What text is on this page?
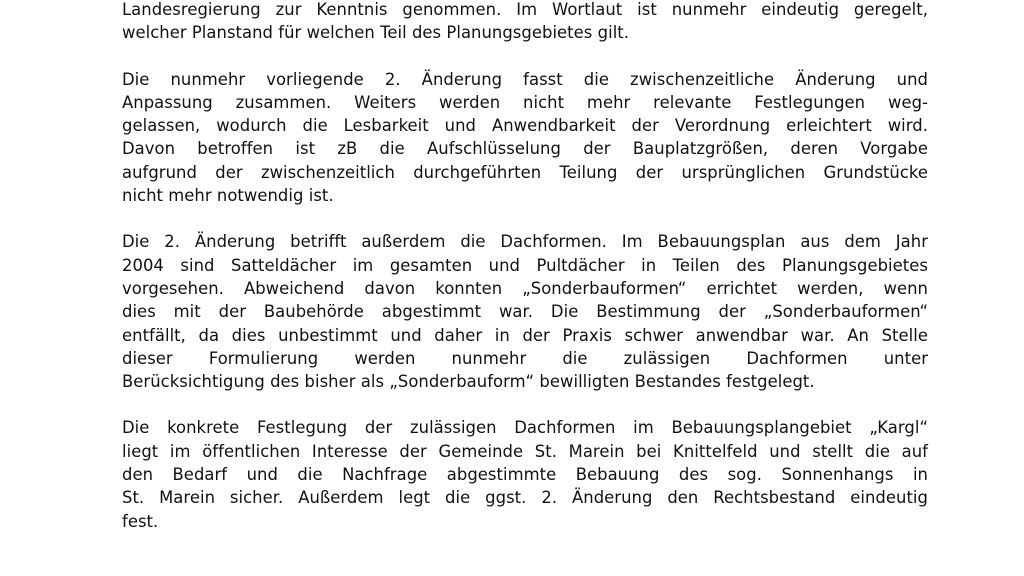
Landesregierung zur Kenntnis genommen. Im Wortlaut ist nunmehr eindeutig geregelt,
welcher Planstand für welchen Teil des Planungsgebietes gilt.

Die nunmehr vorliegende 2. Änderung fasst die zwischenzeitliche Änderung und
Anpassung zusammen. Weiters werden nicht mehr relevante Festlegungen weg-
gelassen, wodurch die Lesbarkeit und Anwendbarkeit der Verordnung erleichtert wird.
Davon betroffen ist zB die Aufschlüsselung der Bauplatzgrößen, deren Vorgabe
aufgrund der zwischenzeitlich durchgeführten Teilung der ursprünglichen Grundstücke
nicht mehr notwendig ist.

Die 2. Änderung betrifft außerdem die Dachformen. Im Bebauungsplan aus dem Jahr
2004 sind Satteldächer im gesamten und Pultdächer in Teilen des Planungsgebietes
vorgesehen. Abweichend davon konnten „Sonderbauformen“ errichtet werden, wenn
dies mit der Baubehörde abgestimmt war. Die Bestimmung der „Sonderbauformen“
entfällt, da dies unbestimmt und daher in der Praxis schwer anwendbar war. An Stelle
dieser Formulierung werden nunmehr die zulässigen Dachformen unter
Berücksichtigung des bisher als „Sonderbauform“ bewilligten Bestandes festgelegt.

Die konkrete Festlegung der zulässigen Dachformen im Bebauungsplangebiet „Kargl“
liegt im öffentlichen Interesse der Gemeinde St. Marein bei Knittelfeld und stellt die auf
den Bedarf und die Nachfrage abgestimmte Bebauung des sog. Sonnenhangs in
St. Marein sicher. Außerdem legt die ggst. 2. Änderung den Rechtsbestand eindeutig
fest.
